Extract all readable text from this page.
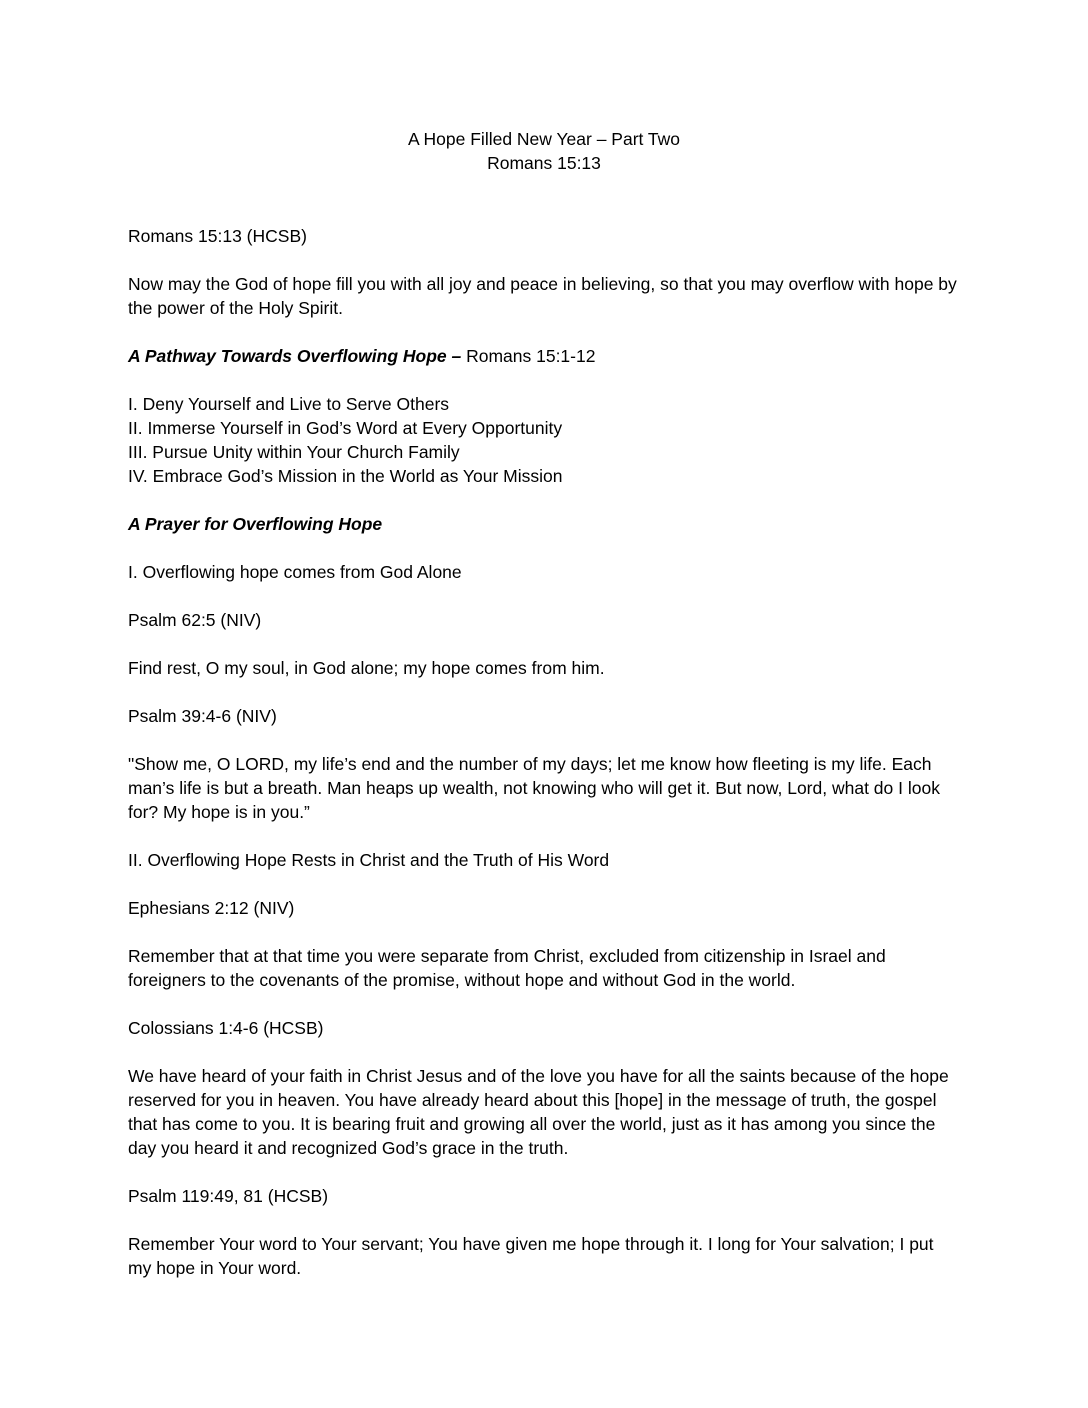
A Hope Filled New Year – Part Two
Romans 15:13

Romans 15:13 (HCSB)

Now may the God of hope fill you with all joy and peace in believing, so that you may overflow with hope by the power of the Holy Spirit.

A Pathway Towards Overflowing Hope – Romans 15:1-12

I. Deny Yourself and Live to Serve Others
II. Immerse Yourself in God’s Word at Every Opportunity
III. Pursue Unity within Your Church Family
IV. Embrace God’s Mission in the World as Your Mission

A Prayer for Overflowing Hope

I. Overflowing hope comes from God Alone

Psalm 62:5 (NIV)

Find rest, O my soul, in God alone; my hope comes from him.

Psalm 39:4-6 (NIV)

"Show me, O LORD, my life’s end and the number of my days; let me know how fleeting is my life. Each man’s life is but a breath. Man heaps up wealth, not knowing who will get it. But now, Lord, what do I look for? My hope is in you.”

II. Overflowing Hope Rests in Christ and the Truth of His Word

Ephesians 2:12 (NIV)

Remember that at that time you were separate from Christ, excluded from citizenship in Israel and foreigners to the covenants of the promise, without hope and without God in the world.

Colossians 1:4-6 (HCSB)

We have heard of your faith in Christ Jesus and of the love you have for all the saints because of the hope reserved for you in heaven. You have already heard about this [hope] in the message of truth, the gospel that has come to you. It is bearing fruit and growing all over the world, just as it has among you since the day you heard it and recognized God’s grace in the truth.

Psalm 119:49, 81 (HCSB)

Remember Your word to Your servant; You have given me hope through it. I long for Your salvation; I put my hope in Your word.
